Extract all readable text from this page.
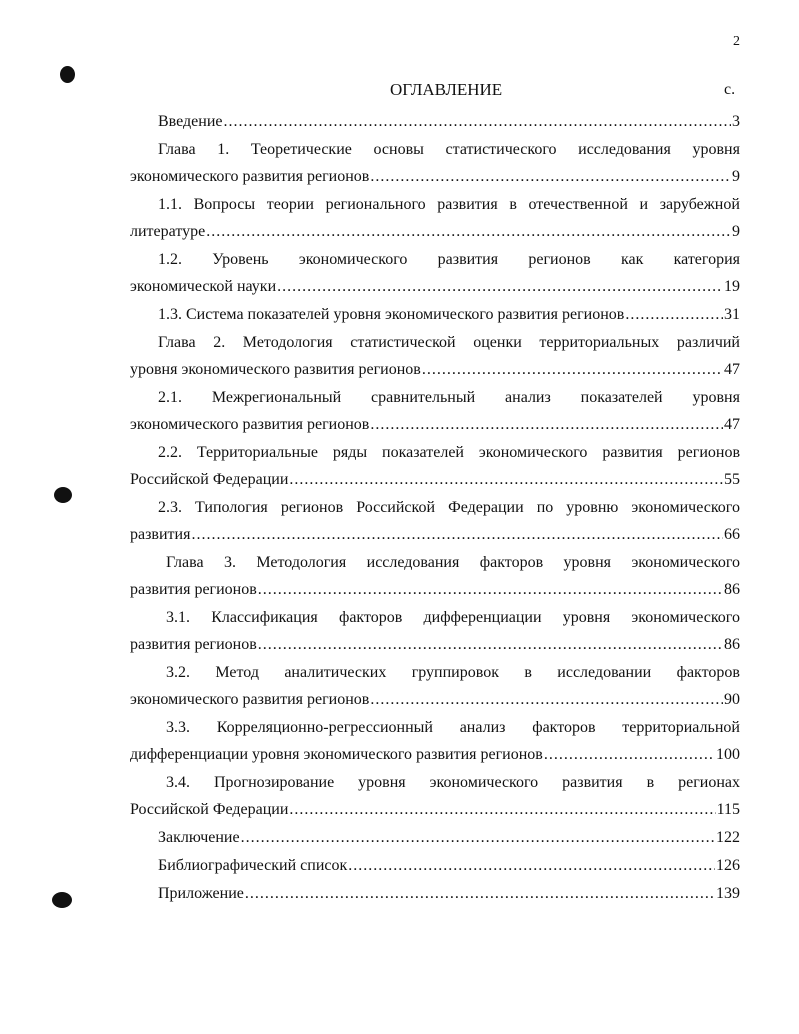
2
ОГЛАВЛЕНИЕ	с.
Введение .....	3
Глава 1. Теоретические основы статистического исследования уровня
экономического развития регионов .....	9
1.1. Вопросы теории регионального развития в отечественной и зарубежной
литературе .....	9
1.2. Уровень экономического развития регионов как категория
экономической науки .....	19
1.3. Система показателей уровня экономического развития регионов .....	31
Глава 2. Методология статистической оценки территориальных различий
уровня экономического развития регионов .....	47
2.1. Межрегиональный сравнительный анализ показателей уровня
экономического развития регионов .....	47
2.2. Территориальные ряды показателей экономического развития регионов
Российской Федерации .....	55
2.3. Типология регионов Российской Федерации по уровню экономического
развития .....	66
Глава 3. Методология исследования факторов уровня экономического
развития регионов .....	86
3.1. Классификация факторов дифференциации уровня экономического
развития регионов .....	86
3.2. Метод аналитических группировок в исследовании факторов
экономического развития регионов .....	90
3.3. Корреляционно-регрессионный анализ факторов территориальной
дифференциации уровня экономического развития регионов .....	100
3.4. Прогнозирование уровня экономического развития в регионах
Российской Федерации .....	115
Заключение .....	122
Библиографический список .....	126
Приложение .....	139
